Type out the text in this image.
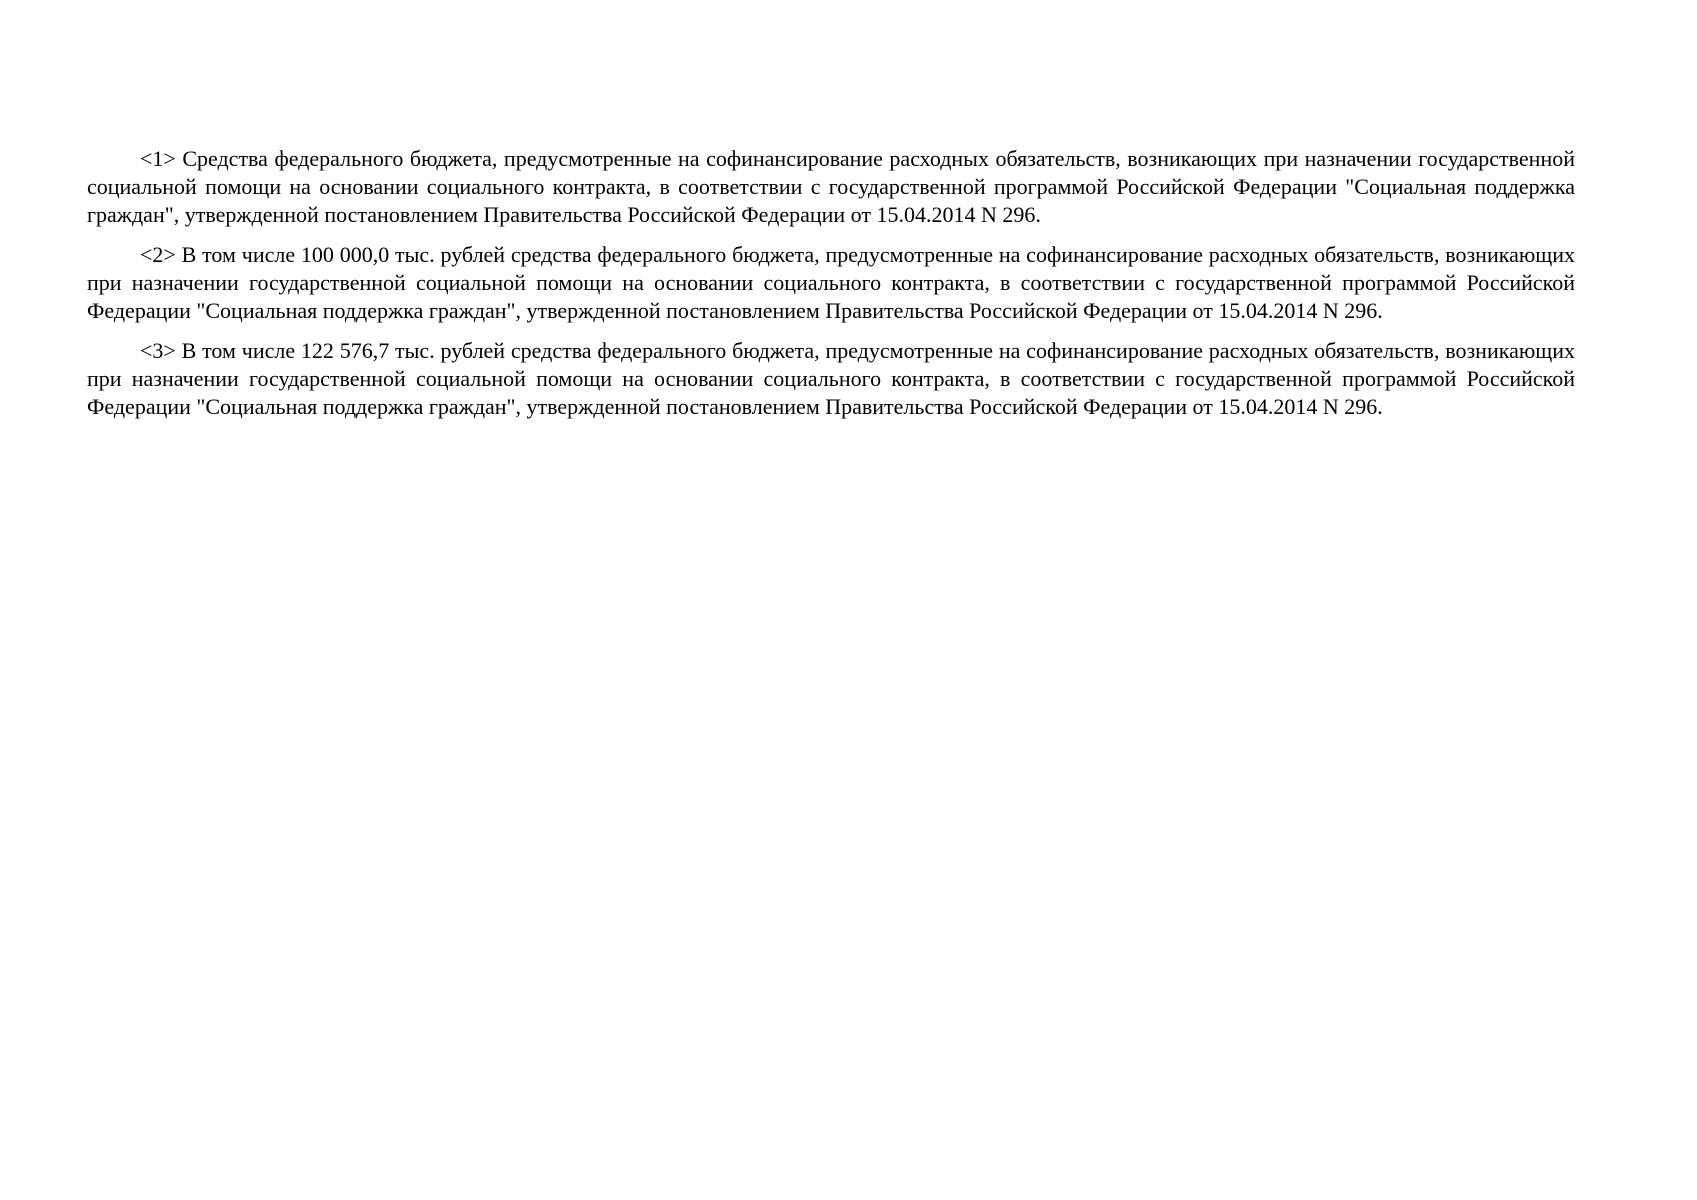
<1> Средства федерального бюджета, предусмотренные на софинансирование расходных обязательств, возникающих при назначении государственной социальной помощи на основании социального контракта, в соответствии с государственной программой Российской Федерации "Социальная поддержка граждан", утвержденной постановлением Правительства Российской Федерации от 15.04.2014 N 296.

<2> В том числе 100 000,0 тыс. рублей средства федерального бюджета, предусмотренные на софинансирование расходных обязательств, возникающих при назначении государственной социальной помощи на основании социального контракта, в соответствии с государственной программой Российской Федерации "Социальная поддержка граждан", утвержденной постановлением Правительства Российской Федерации от 15.04.2014 N 296.

<3> В том числе 122 576,7 тыс. рублей средства федерального бюджета, предусмотренные на софинансирование расходных обязательств, возникающих при назначении государственной социальной помощи на основании социального контракта, в соответствии с государственной программой Российской Федерации "Социальная поддержка граждан", утвержденной постановлением Правительства Российской Федерации от 15.04.2014 N 296.
